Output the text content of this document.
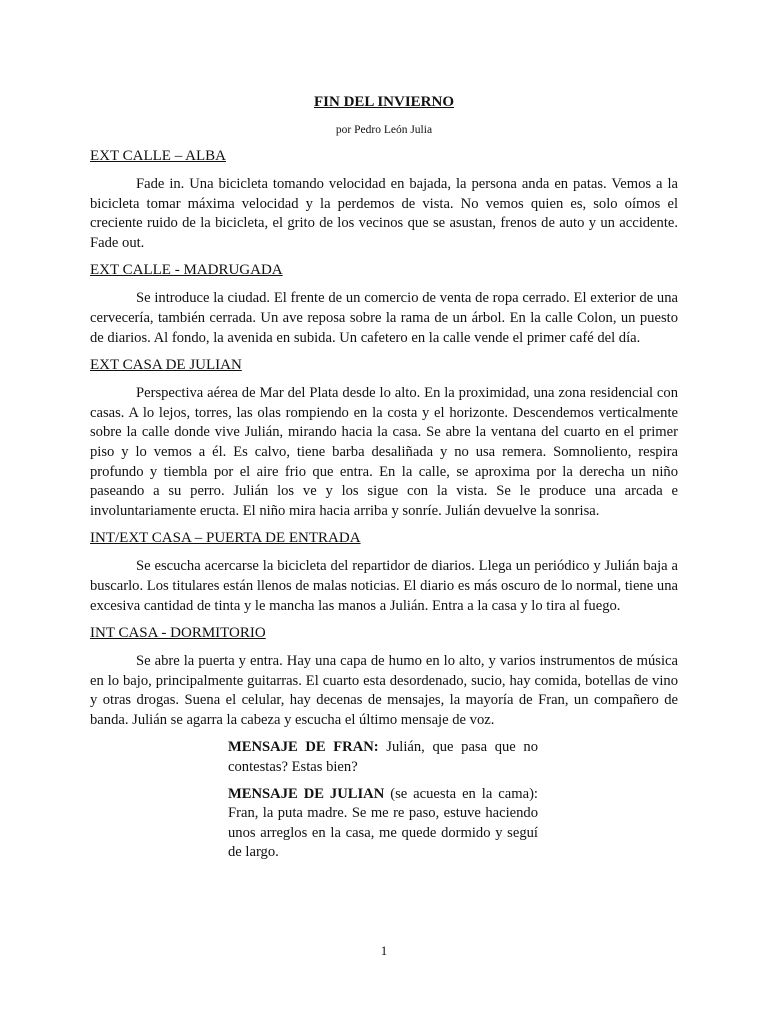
FIN DEL INVIERNO
por Pedro León Julia
EXT CALLE – ALBA

Fade in. Una bicicleta tomando velocidad en bajada, la persona anda en patas. Vemos a la bicicleta tomar máxima velocidad y la perdemos de vista. No vemos quien es, solo oímos el creciente ruido de la bicicleta, el grito de los vecinos que se asustan, frenos de auto y un accidente. Fade out.

EXT CALLE - MADRUGADA

Se introduce la ciudad. El frente de un comercio de venta de ropa cerrado. El exterior de una cervecería, también cerrada. Un ave reposa sobre la rama de un árbol. En la calle Colon, un puesto de diarios. Al fondo, la avenida en subida. Un cafetero en la calle vende el primer café del día.

EXT CASA DE JULIAN

Perspectiva aérea de Mar del Plata desde lo alto. En la proximidad, una zona residencial con casas. A lo lejos, torres, las olas rompiendo en la costa y el horizonte. Descendemos verticalmente sobre la calle donde vive Julián, mirando hacia la casa. Se abre la ventana del cuarto en el primer piso y lo vemos a él. Es calvo, tiene barba desaliñada y no usa remera. Somnoliento, respira profundo y tiembla por el aire frio que entra. En la calle, se aproxima por la derecha un niño paseando a su perro. Julián los ve y los sigue con la vista. Se le produce una arcada e involuntariamente eructa. El niño mira hacia arriba y sonríe. Julián devuelve la sonrisa.

INT/EXT CASA – PUERTA DE ENTRADA

Se escucha acercarse la bicicleta del repartidor de diarios. Llega un periódico y Julián baja a buscarlo. Los titulares están llenos de malas noticias. El diario es más oscuro de lo normal, tiene una excesiva cantidad de tinta y le mancha las manos a Julián. Entra a la casa y lo tira al fuego.

INT CASA - DORMITORIO

Se abre la puerta y entra. Hay una capa de humo en lo alto, y varios instrumentos de música en lo bajo, principalmente guitarras. El cuarto esta desordenado, sucio, hay comida, botellas de vino y otras drogas. Suena el celular, hay decenas de mensajes, la mayoría de Fran, un compañero de banda. Julián se agarra la cabeza y escucha el último mensaje de voz.

MENSAJE DE FRAN: Julián, que pasa que no contestas? Estas bien?

MENSAJE DE JULIAN (se acuesta en la cama): Fran, la puta madre. Se me re paso, estuve haciendo unos arreglos en la casa, me quede dormido y seguí de largo.

1
